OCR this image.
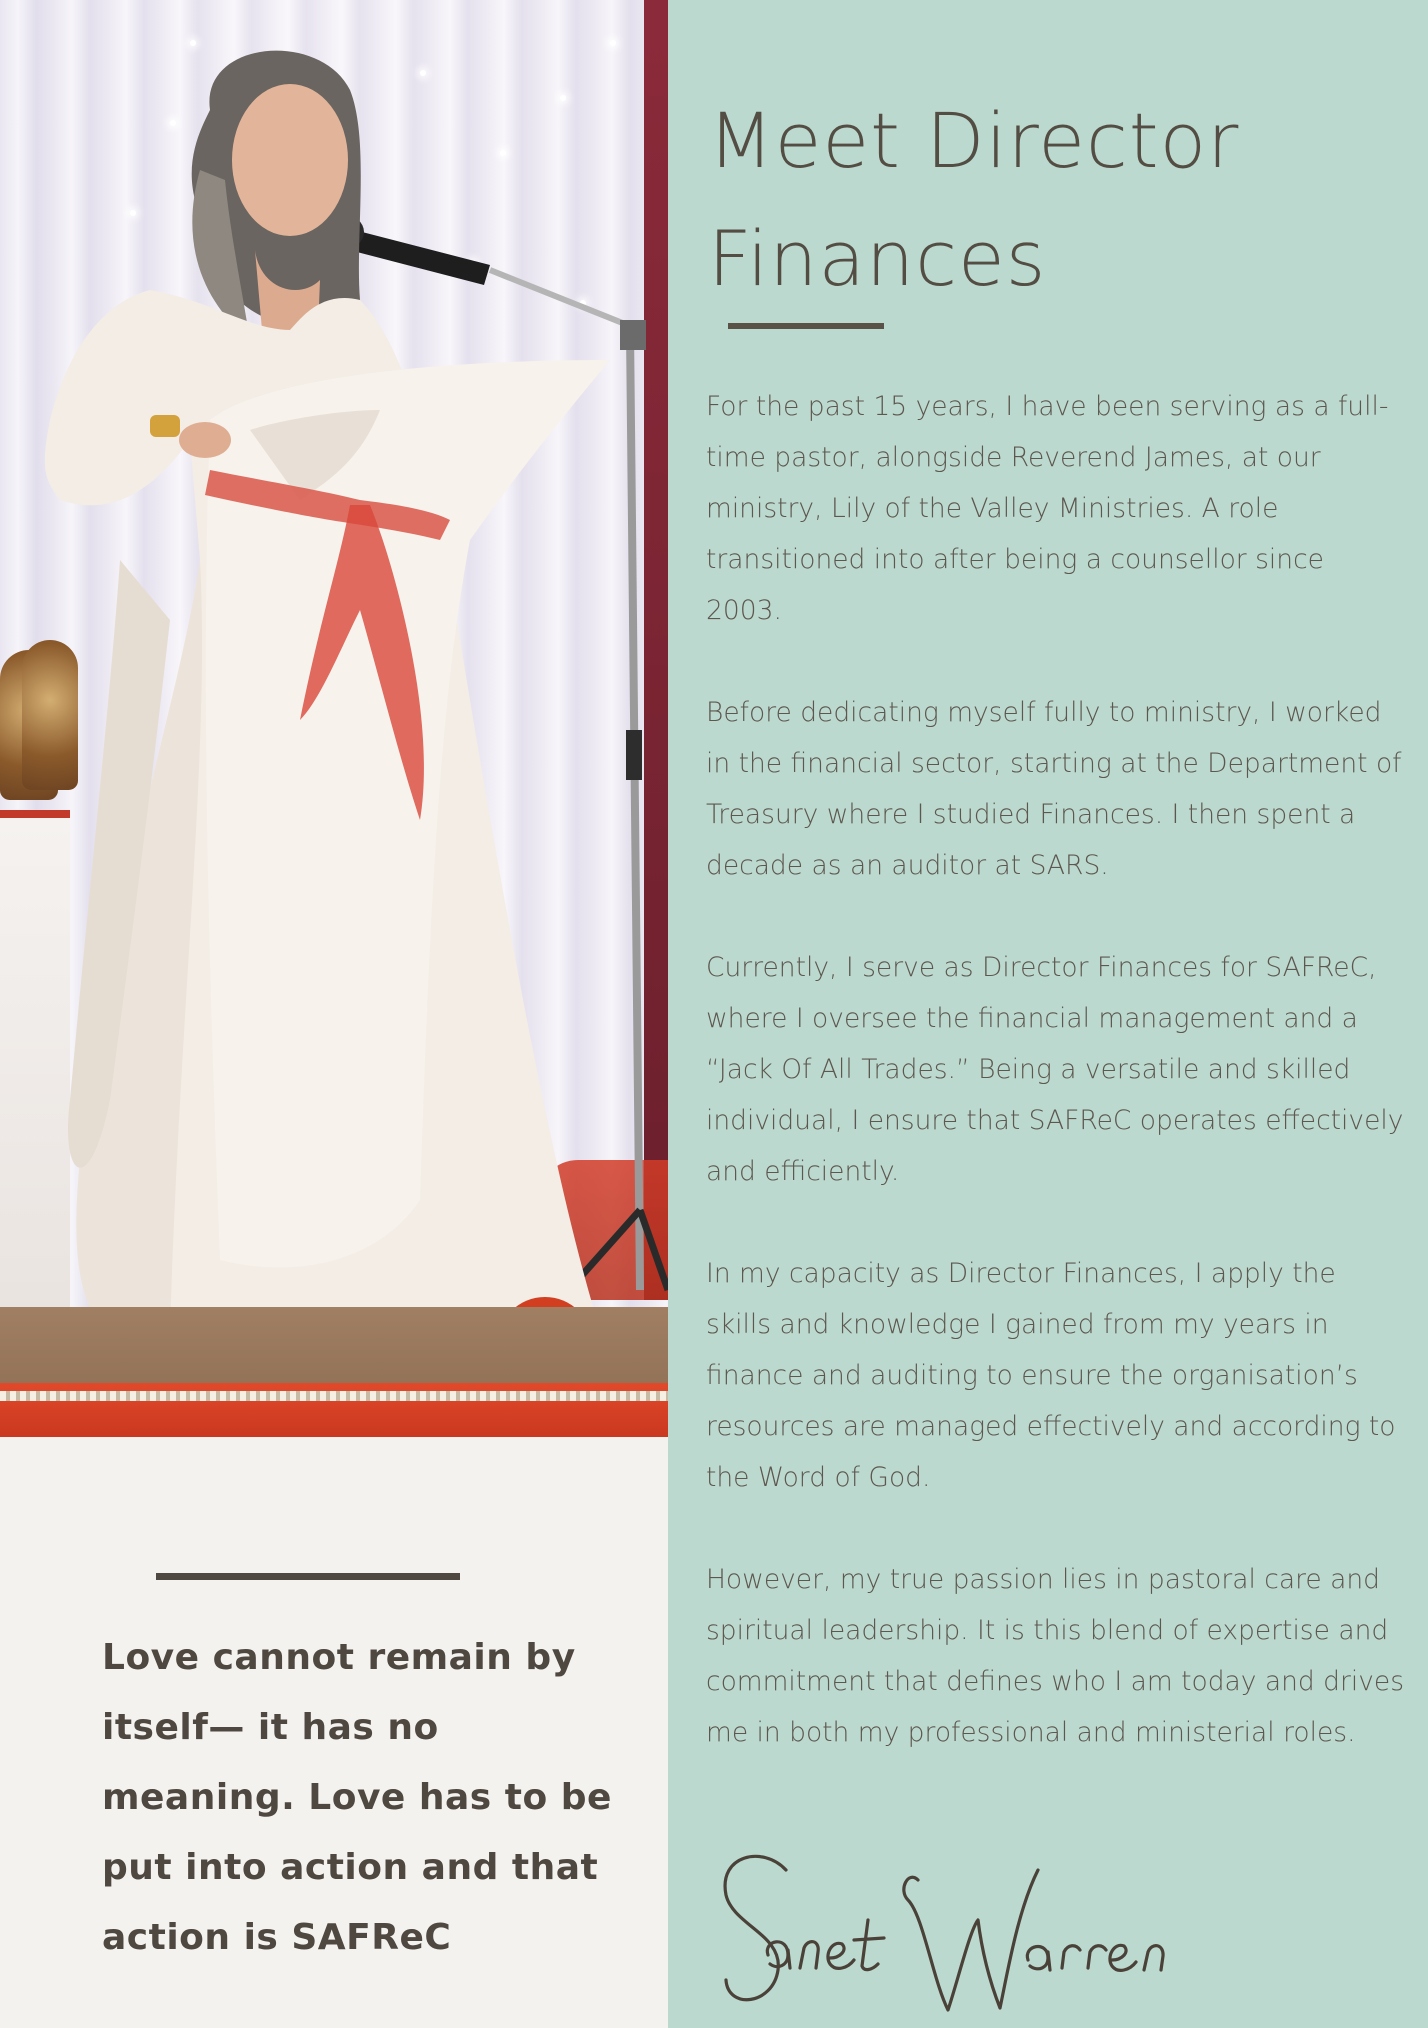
Meet Director
Finances

For the past 15 years, I have been serving as a full-time pastor, alongside Reverend James, at our ministry, Lily of the Valley Ministries. A role transitioned into after being a counsellor since 2003.

Before dedicating myself fully to ministry, I worked in the financial sector, starting at the Department of Treasury where I studied Finances. I then spent a decade as an auditor at SARS.

Currently, I serve as Director Finances for SAFReC, where I oversee the financial management and a “Jack Of All Trades.” Being a versatile and skilled individual, I ensure that SAFReC operates effectively and efficiently.

In my capacity as Director Finances, I apply the skills and knowledge I gained from my years in finance and auditing to ensure the organisation’s resources are managed effectively and according to the Word of God.

However, my true passion lies in pastoral care and spiritual leadership. It is this blend of expertise and commitment that defines who I am today and drives me in both my professional and ministerial roles.

Love cannot remain by itself— it has no meaning. Love has to be put into action and that action is SAFReC
